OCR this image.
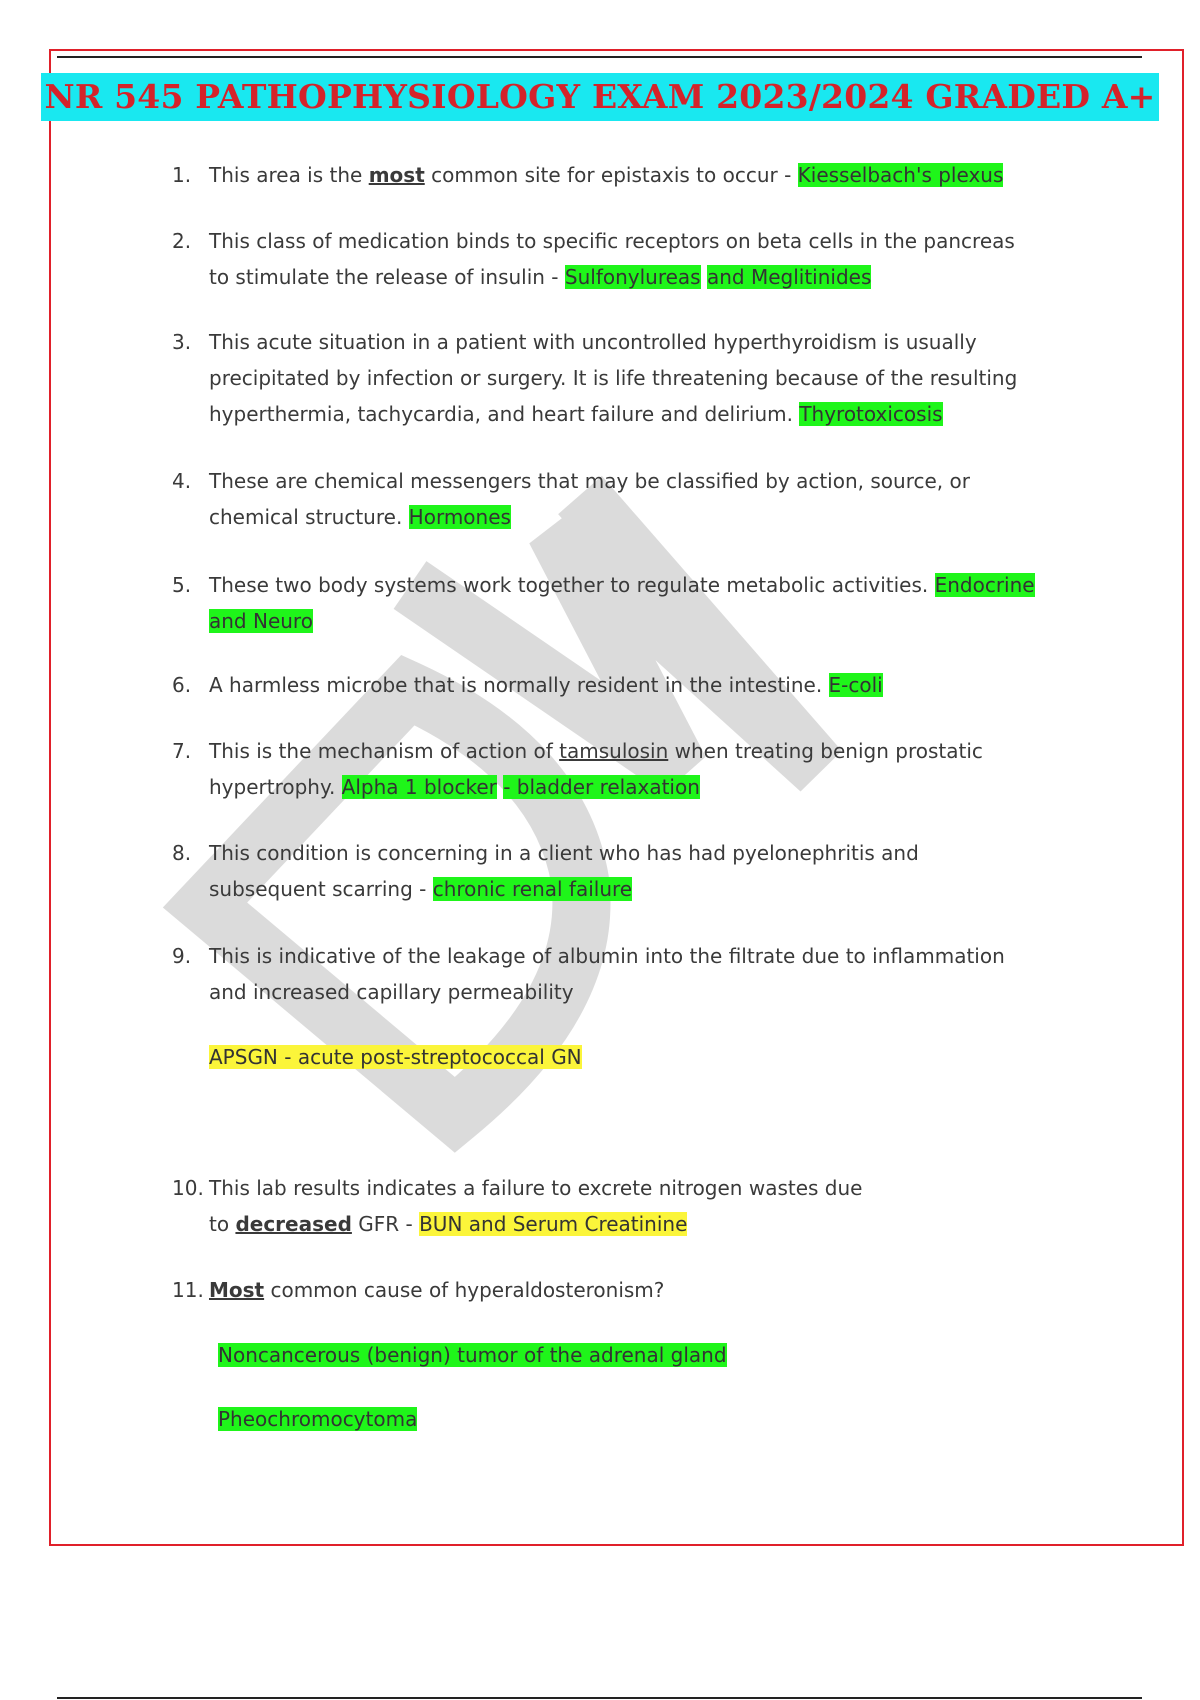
NR 545 PATHOPHYSIOLOGY EXAM 2023/2024 GRADED A+
1. This area is the most common site for epistaxis to occur - Kiesselbach's plexus
2. This class of medication binds to specific receptors on beta cells in the pancreas
to stimulate the release of insulin - Sulfonylureas and Meglitinides
3. This acute situation in a patient with uncontrolled hyperthyroidism is usually
precipitated by infection or surgery. It is life threatening because of the resulting
hyperthermia, tachycardia, and heart failure and delirium. Thyrotoxicosis
4. These are chemical messengers that may be classified by action, source, or
chemical structure. Hormones
5. These two body systems work together to regulate metabolic activities. Endocrine
and Neuro
6. A harmless microbe that is normally resident in the intestine. E-coli
7. This is the mechanism of action of tamsulosin when treating benign prostatic
hypertrophy. Alpha 1 blocker - bladder relaxation
8. This condition is concerning in a client who has had pyelonephritis and
subsequent scarring - chronic renal failure
9. This is indicative of the leakage of albumin into the filtrate due to inflammation
and increased capillary permeability
APSGN - acute post-streptococcal GN
10. This lab results indicates a failure to excrete nitrogen wastes due
to decreased GFR - BUN and Serum Creatinine
11. Most common cause of hyperaldosteronism?
Noncancerous (benign) tumor of the adrenal gland
Pheochromocytoma
